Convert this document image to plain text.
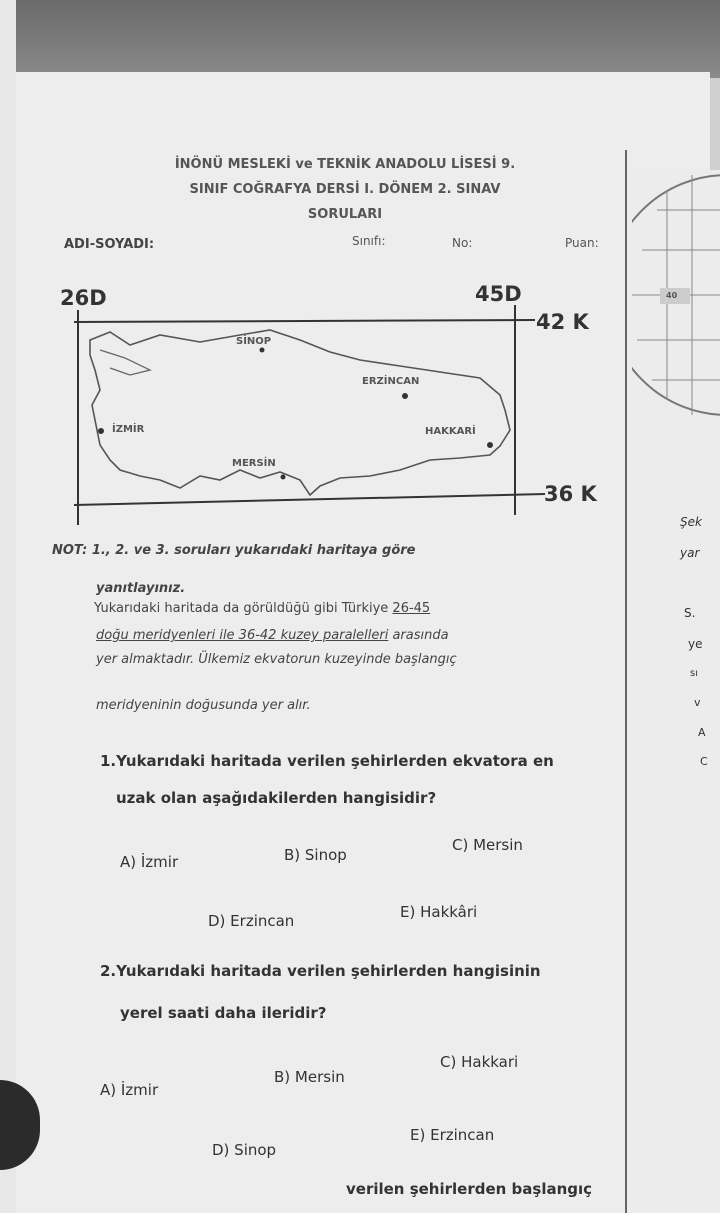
40
Şek
yar
S.
ye
sı
v
A
C
İNÖNÜ MESLEKİ ve TEKNİK ANADOLU LİSESİ 9.
SINIF COĞRAFYA DERSİ I. DÖNEM 2. SINAV
SORULARI
ADI-SOYADI:	Sınıfı:	No:	Puan:
26D	45D
42 K
36 K
SİNOP
ERZİNCAN
İZMİR	HAKKARİ
MERSİN
NOT: 1., 2. ve 3. soruları yukarıdaki haritaya göre
yanıtlayınız.
Yukarıdaki haritada da görüldüğü gibi Türkiye 26-45
doğu meridyenleri ile 36-42 kuzey paralelleri arasında
yer almaktadır. Ülkemiz ekvatorun kuzeyinde başlangıç
meridyeninin doğusunda yer alır.
1.Yukarıdaki haritada verilen şehirlerden ekvatora en
uzak olan aşağıdakilerden hangisidir?
A) İzmir	B) Sinop
C) Mersin
D) Erzincan	E) Hakkâri
2.Yukarıdaki haritada verilen şehirlerden hangisinin
yerel saati daha ileridir?
A) İzmir
B) Mersin
C) Hakkari
D) Sinop
E) Erzincan
verilen şehirlerden başlangıç
